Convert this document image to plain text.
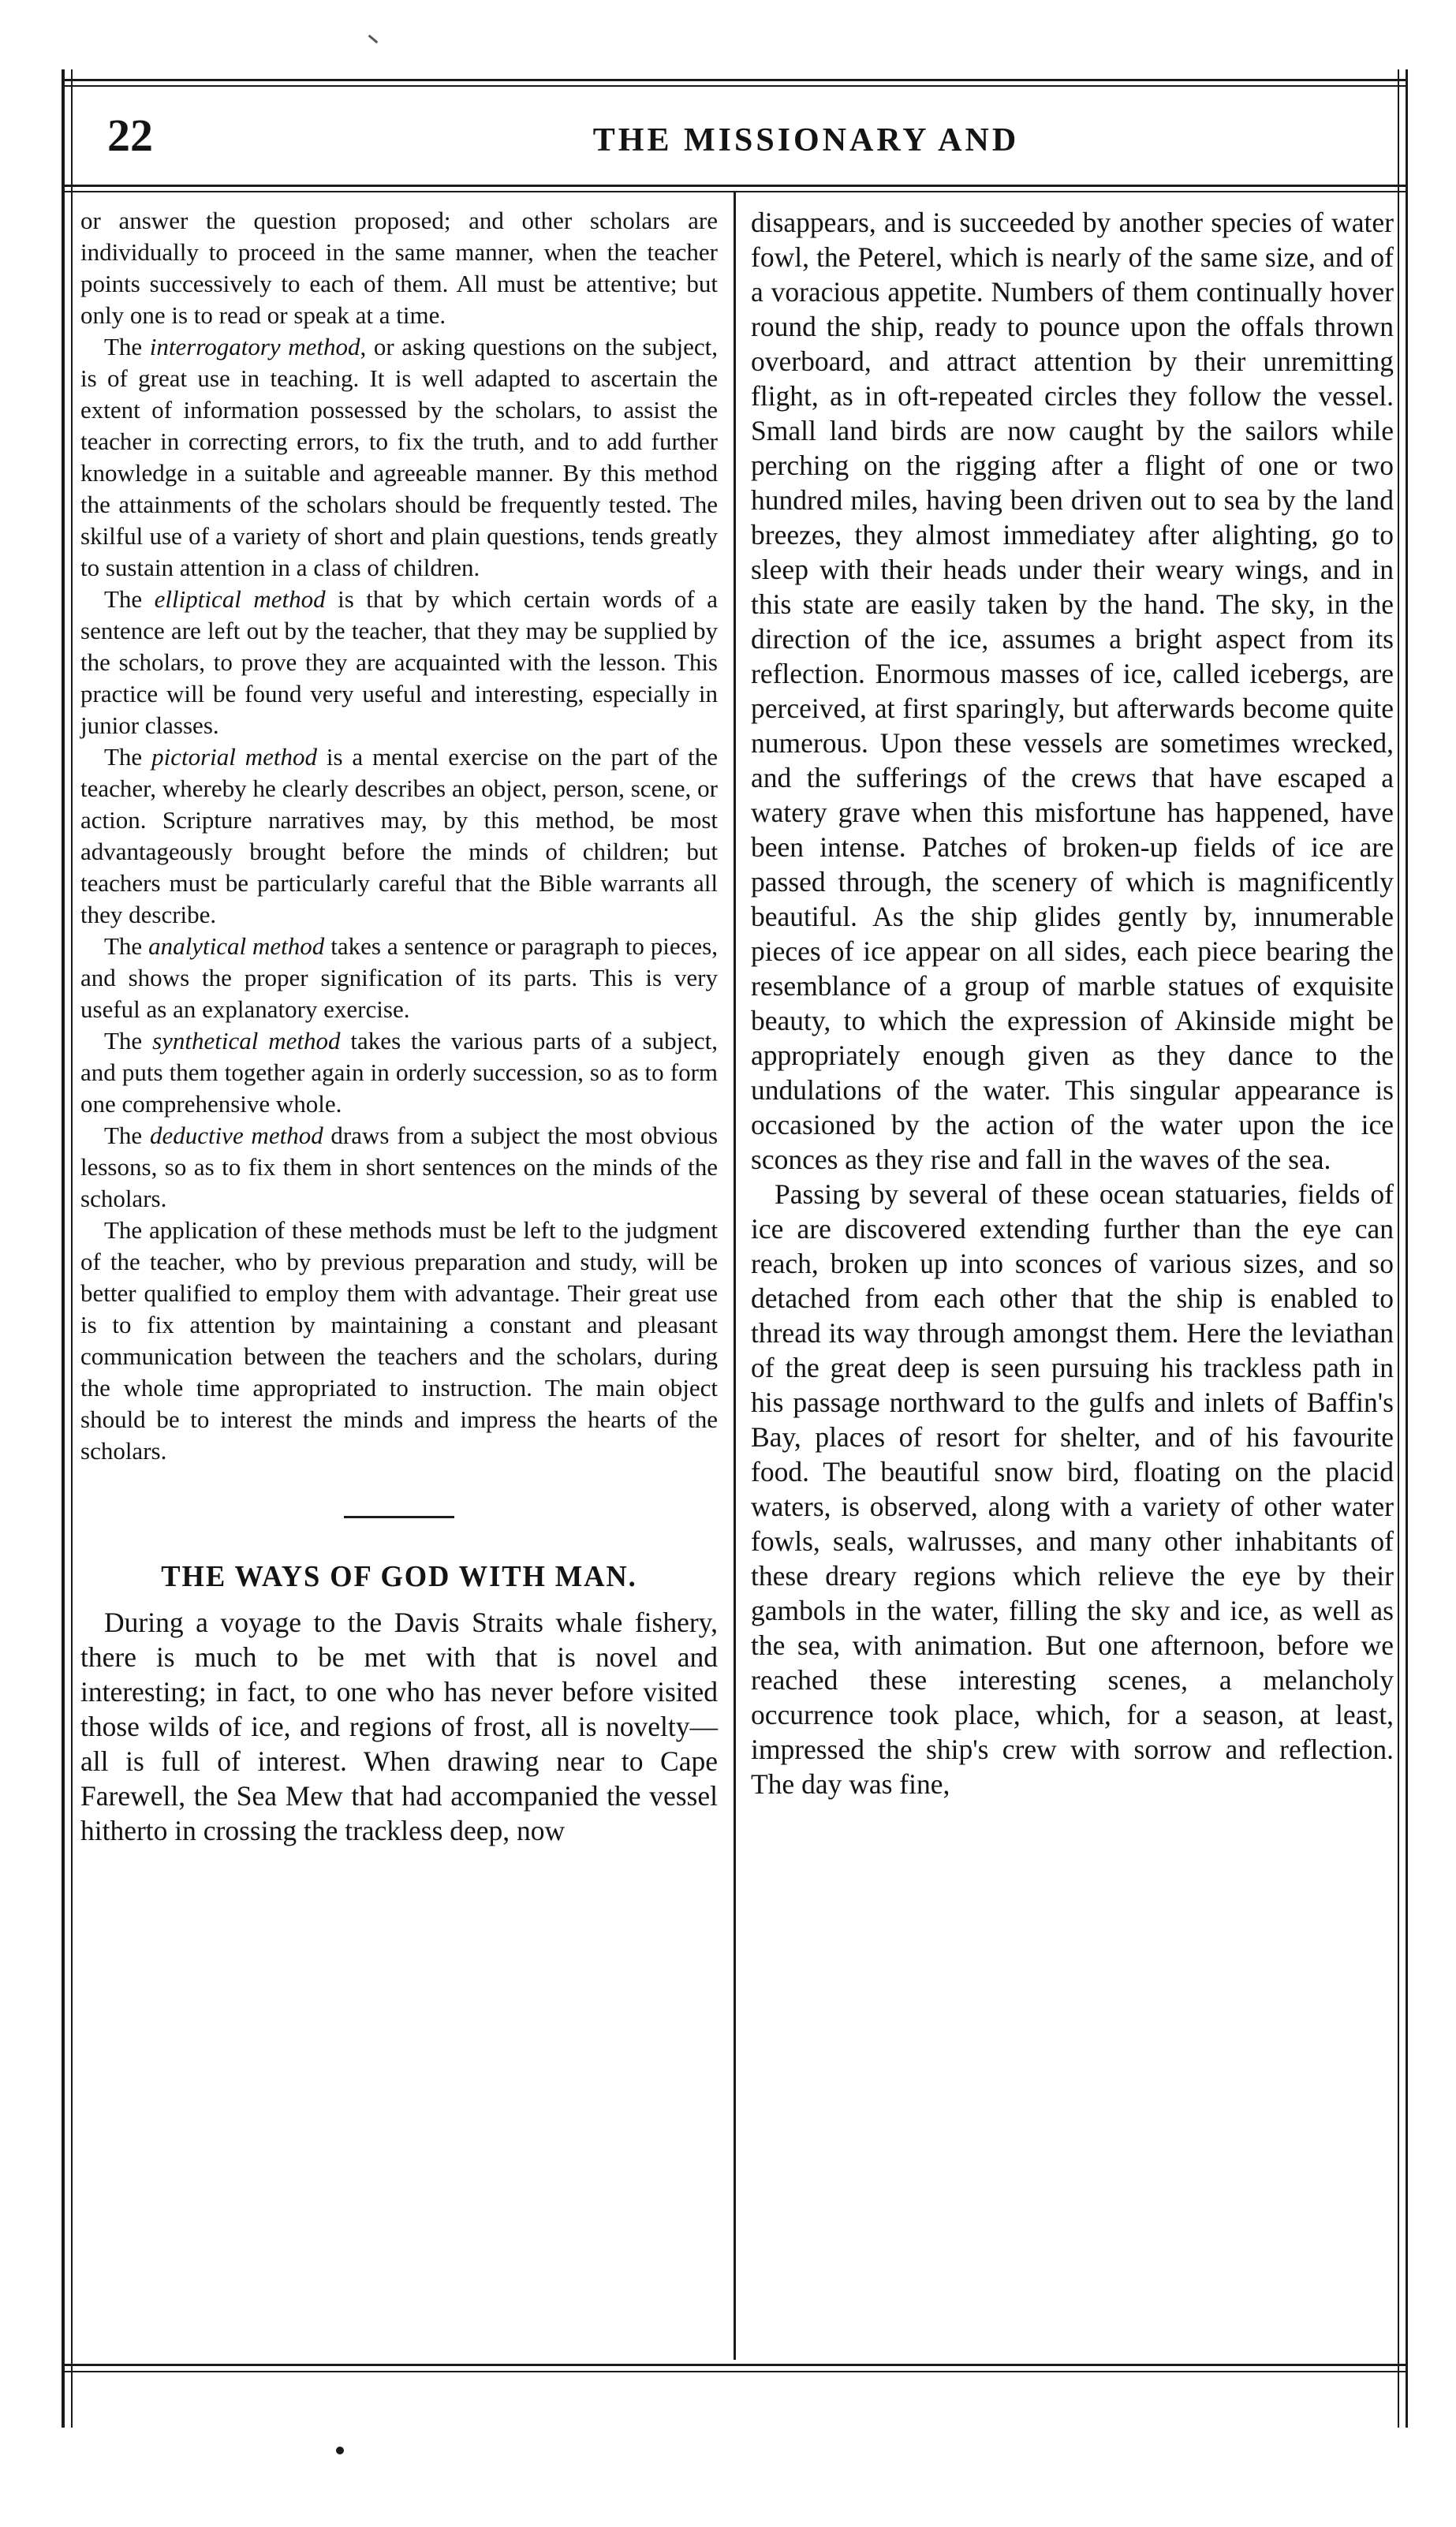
22	THE MISSIONARY AND

or answer the question proposed; and other scholars are individually to proceed in the same manner, when the teacher points successively to each of them. All must be attentive; but only one is to read or speak at a time.

The interrogatory method, or asking questions on the subject, is of great use in teaching. It is well adapted to ascertain the extent of information possessed by the scholars, to assist the teacher in correcting errors, to fix the truth, and to add further knowledge in a suitable and agreeable manner. By this method the attainments of the scholars should be frequently tested. The skilful use of a variety of short and plain questions, tends greatly to sustain attention in a class of children.

The elliptical method is that by which certain words of a sentence are left out by the teacher, that they may be supplied by the scholars, to prove they are acquainted with the lesson. This practice will be found very useful and interesting, especially in junior classes.

The pictorial method is a mental exercise on the part of the teacher, whereby he clearly describes an object, person, scene, or action. Scripture narratives may, by this method, be most advantageously brought before the minds of children; but teachers must be particularly careful that the Bible warrants all they describe.

The analytical method takes a sentence or paragraph to pieces, and shows the proper signification of its parts. This is very useful as an explanatory exercise.

The synthetical method takes the various parts of a subject, and puts them together again in orderly succession, so as to form one comprehensive whole.

The deductive method draws from a subject the most obvious lessons, so as to fix them in short sentences on the minds of the scholars.

The application of these methods must be left to the judgment of the teacher, who by previous preparation and study, will be better qualified to employ them with advantage. Their great use is to fix attention by maintaining a constant and pleasant communication between the teachers and the scholars, during the whole time appropriated to instruction. The main object should be to interest the minds and impress the hearts of the scholars.

THE WAYS OF GOD WITH MAN.

During a voyage to the Davis Straits whale fishery, there is much to be met with that is novel and interesting; in fact, to one who has never before visited those wilds of ice, and regions of frost, all is novelty—all is full of interest. When drawing near to Cape Farewell, the Sea Mew that had accompanied the vessel hitherto in crossing the trackless deep, now

disappears, and is succeeded by another species of water fowl, the Peterel, which is nearly of the same size, and of a voracious appetite. Numbers of them continually hover round the ship, ready to pounce upon the offals thrown overboard, and attract attention by their unremitting flight, as in oft-repeated circles they follow the vessel. Small land birds are now caught by the sailors while perching on the rigging after a flight of one or two hundred miles, having been driven out to sea by the land breezes, they almost immediatey after alighting, go to sleep with their heads under their weary wings, and in this state are easily taken by the hand. The sky, in the direction of the ice, assumes a bright aspect from its reflection. Enormous masses of ice, called icebergs, are perceived, at first sparingly, but afterwards become quite numerous. Upon these vessels are sometimes wrecked, and the sufferings of the crews that have escaped a watery grave when this misfortune has happened, have been intense. Patches of broken-up fields of ice are passed through, the scenery of which is magnificently beautiful. As the ship glides gently by, innumerable pieces of ice appear on all sides, each piece bearing the resemblance of a group of marble statues of exquisite beauty, to which the expression of Akinside might be appropriately enough given as they dance to the undulations of the water. This singular appearance is occasioned by the action of the water upon the ice sconces as they rise and fall in the waves of the sea.

Passing by several of these ocean statuaries, fields of ice are discovered extending further than the eye can reach, broken up into sconces of various sizes, and so detached from each other that the ship is enabled to thread its way through amongst them. Here the leviathan of the great deep is seen pursuing his trackless path in his passage northward to the gulfs and inlets of Baffin's Bay, places of resort for shelter, and of his favourite food. The beautiful snow bird, floating on the placid waters, is observed, along with a variety of other water fowls, seals, walrusses, and many other inhabitants of these dreary regions which relieve the eye by their gambols in the water, filling the sky and ice, as well as the sea, with animation. But one afternoon, before we reached these interesting scenes, a melancholy occurrence took place, which, for a season, at least, impressed the ship's crew with sorrow and reflection. The day was fine,
